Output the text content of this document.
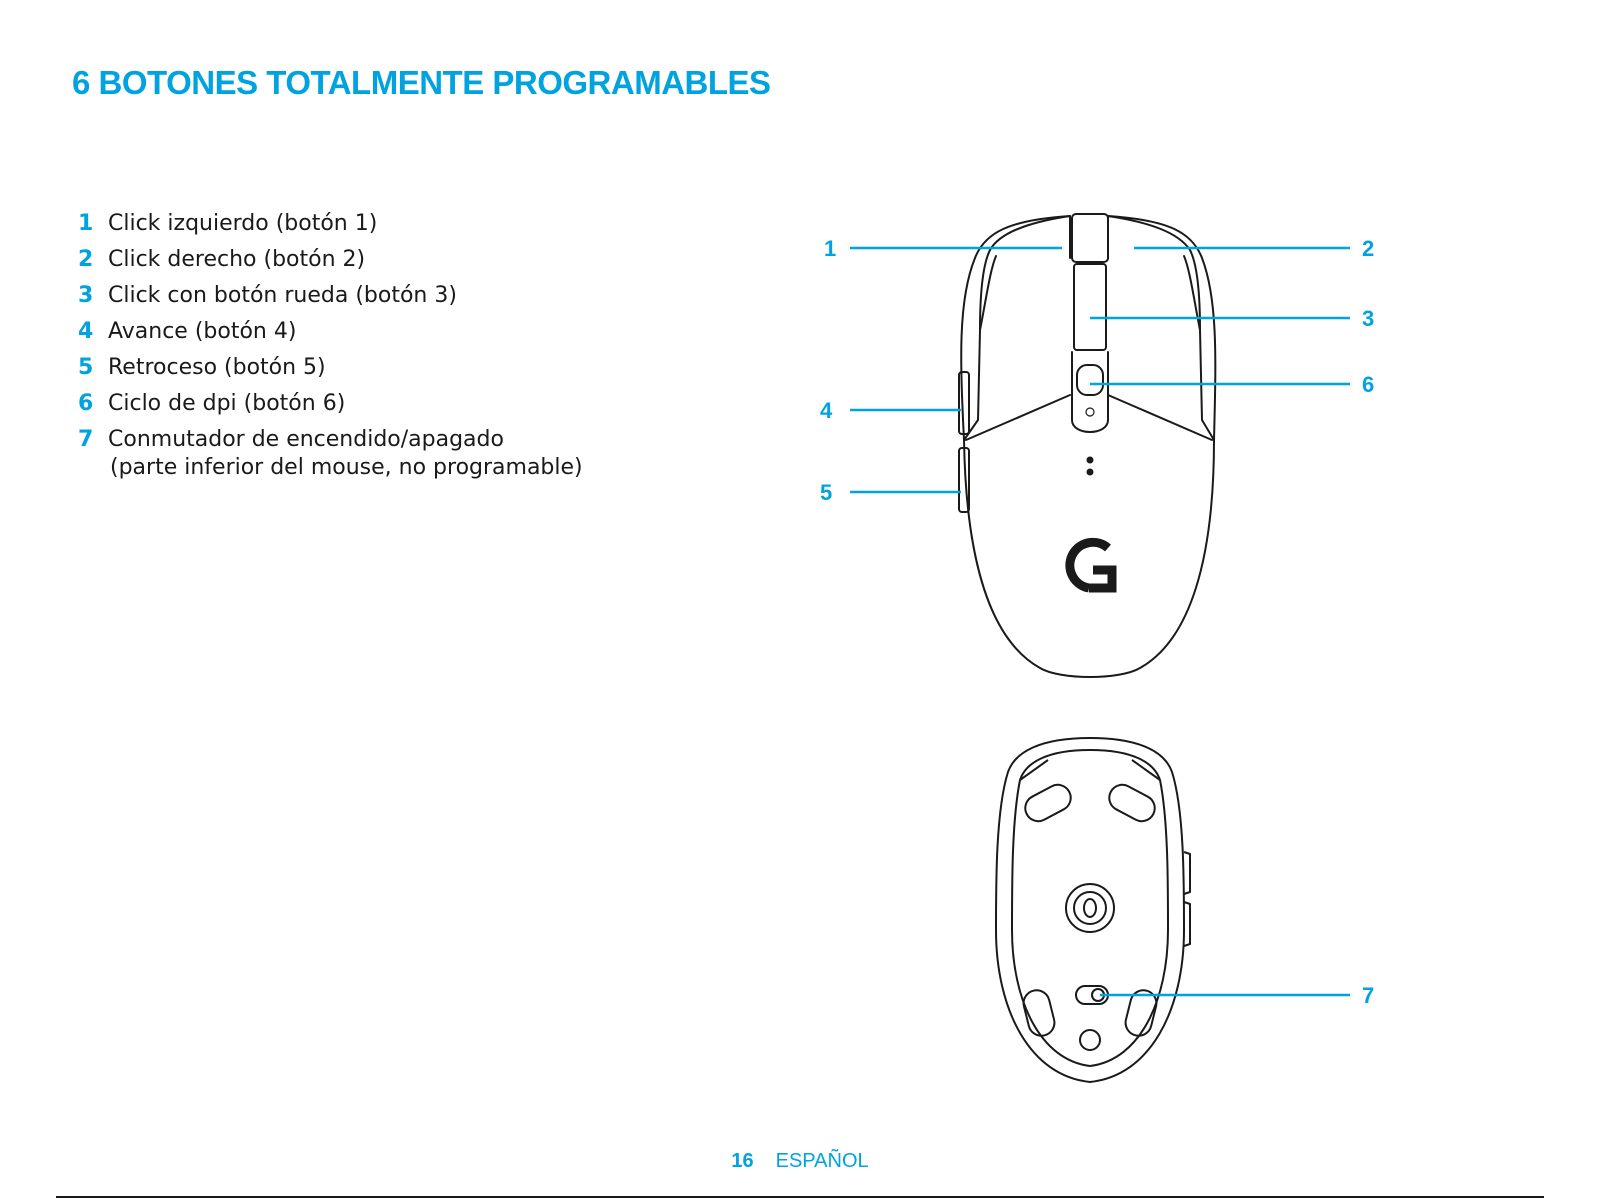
6 BOTONES TOTALMENTE PROGRAMABLES
1 Click izquierdo (botón 1)
2 Click derecho (botón 2)
3 Click con botón rueda (botón 3)
4 Avance (botón 4)
5 Retroceso (botón 5)
6 Ciclo de dpi (botón 6)
7 Conmutador de encendido/apagado
(parte inferior del mouse, no programable)
1	2
3
6
4
5
7
16 ESPAÑOL
